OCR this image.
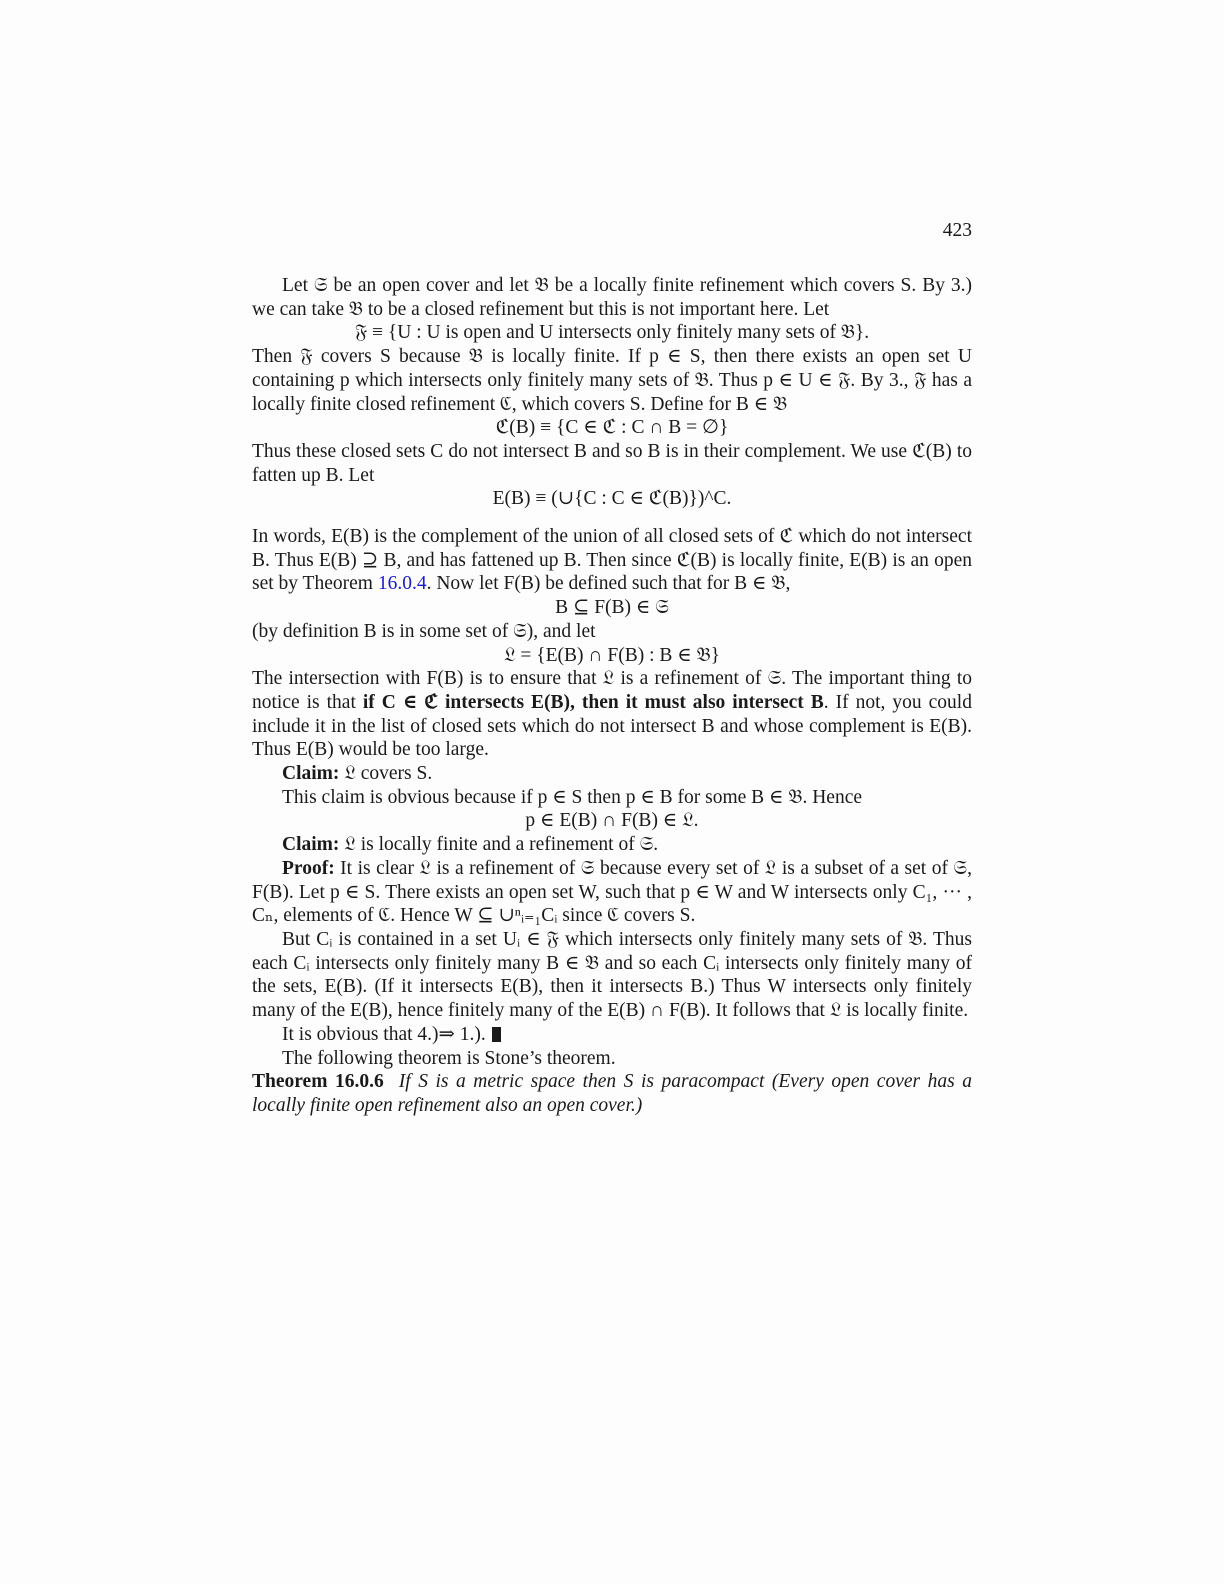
423
Let 𝔖 be an open cover and let 𝔅 be a locally finite refinement which covers S. By 3.) we can take 𝔅 to be a closed refinement but this is not important here. Let
𝔉 ≡ {U : U is open and U intersects only finitely many sets of 𝔅}.
Then 𝔉 covers S because 𝔅 is locally finite. If p ∈ S, then there exists an open set U containing p which intersects only finitely many sets of 𝔅. Thus p ∈ U ∈ 𝔉. By 3., 𝔉 has a locally finite closed refinement ℭ, which covers S. Define for B ∈ 𝔅
ℭ(B) ≡ {C ∈ ℭ : C ∩ B = ∅}
Thus these closed sets C do not intersect B and so B is in their complement. We use ℭ(B) to fatten up B. Let
E(B) ≡ (∪{C : C ∈ ℭ(B)})^C.
In words, E(B) is the complement of the union of all closed sets of ℭ which do not intersect B. Thus E(B) ⊇ B, and has fattened up B. Then since ℭ(B) is locally finite, E(B) is an open set by Theorem 16.0.4. Now let F(B) be defined such that for B ∈ 𝔅,
B ⊆ F(B) ∈ 𝔖
(by definition B is in some set of 𝔖), and let
𝔏 = {E(B) ∩ F(B) : B ∈ 𝔅}
The intersection with F(B) is to ensure that 𝔏 is a refinement of 𝔖. The important thing to notice is that if C ∈ ℭ intersects E(B), then it must also intersect B. If not, you could include it in the list of closed sets which do not intersect B and whose complement is E(B). Thus E(B) would be too large.
Claim: 𝔏 covers S.
This claim is obvious because if p ∈ S then p ∈ B for some B ∈ 𝔅. Hence
p ∈ E(B) ∩ F(B) ∈ 𝔏.
Claim: 𝔏 is locally finite and a refinement of 𝔖.
Proof: It is clear 𝔏 is a refinement of 𝔖 because every set of 𝔏 is a subset of a set of 𝔖, F(B). Let p ∈ S. There exists an open set W, such that p ∈ W and W intersects only C₁, ··· , Cₙ, elements of ℭ. Hence W ⊆ ∪ⁿᵢ₌₁Cᵢ since ℭ covers S.
But Cᵢ is contained in a set Uᵢ ∈ 𝔉 which intersects only finitely many sets of 𝔅. Thus each Cᵢ intersects only finitely many B ∈ 𝔅 and so each Cᵢ intersects only finitely many of the sets, E(B). (If it intersects E(B), then it intersects B.) Thus W intersects only finitely many of the E(B), hence finitely many of the E(B) ∩ F(B). It follows that 𝔏 is locally finite.
It is obvious that 4.)⇒ 1.).
The following theorem is Stone’s theorem.
Theorem 16.0.6 If S is a metric space then S is paracompact (Every open cover has a locally finite open refinement also an open cover.)
